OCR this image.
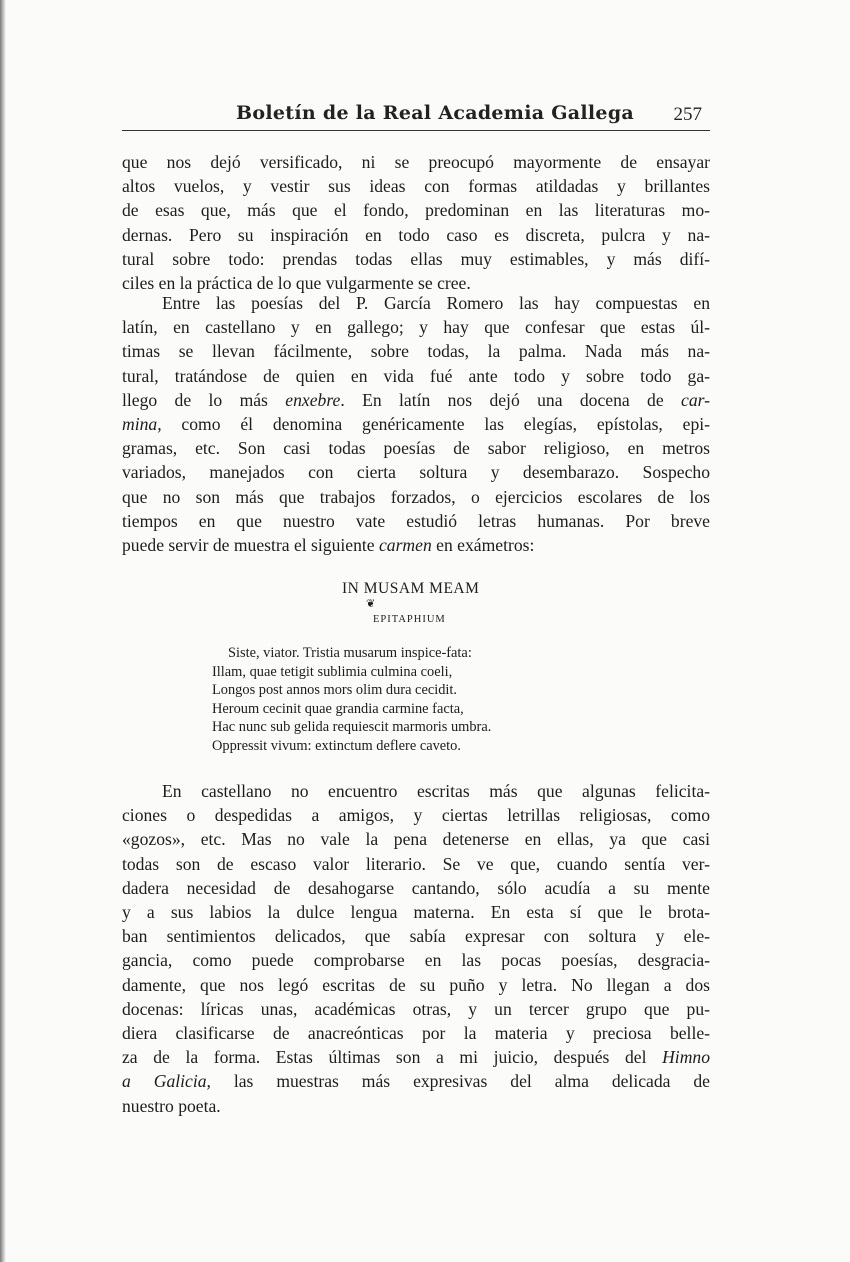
Boletín de la Real Academia Gallega 257
que nos dejó versificado, ni se preocupó mayormente de ensayar
altos vuelos, y vestir sus ideas con formas atildadas y brillantes
de esas que, más que el fondo, predominan en las literaturas mo-
dernas. Pero su inspiración en todo caso es discreta, pulcra y na-
tural sobre todo: prendas todas ellas muy estimables, y más difí-
ciles en la práctica de lo que vulgarmente se cree.
Entre las poesías del P. García Romero las hay compuestas en
latín, en castellano y en gallego; y hay que confesar que estas úl-
timas se llevan fácilmente, sobre todas, la palma. Nada más na-
tural, tratándose de quien en vida fué ante todo y sobre todo ga-
llego de lo más enxebre. En latín nos dejó una docena de car-
mina, como él denomina genéricamente las elegías, epístolas, epi-
gramas, etc. Son casi todas poesías de sabor religioso, en metros
variados, manejados con cierta soltura y desembarazo. Sospecho
que no son más que trabajos forzados, o ejercicios escolares de los
tiempos en que nuestro vate estudió letras humanas. Por breve
puede servir de muestra el siguiente carmen en exámetros:
IN MUSAM MEAM
❦
EPITAPHIUM
Siste, viator. Tristia musarum inspice-fata:
Illam, quae tetigit sublimia culmina coeli,
Longos post annos mors olim dura cecidit.
Heroum cecinit quae grandia carmine facta,
Hac nunc sub gelida requiescit marmoris umbra.
Oppressit vivum: extinctum deflere caveto.
En castellano no encuentro escritas más que algunas felicita-
ciones o despedidas a amigos, y ciertas letrillas religiosas, como
«gozos», etc. Mas no vale la pena detenerse en ellas, ya que casi
todas son de escaso valor literario. Se ve que, cuando sentía ver-
dadera necesidad de desahogarse cantando, sólo acudía a su mente
y a sus labios la dulce lengua materna. En esta sí que le brota-
ban sentimientos delicados, que sabía expresar con soltura y ele-
gancia, como puede comprobarse en las pocas poesías, desgracia-
damente, que nos legó escritas de su puño y letra. No llegan a dos
docenas: líricas unas, académicas otras, y un tercer grupo que pu-
diera clasificarse de anacreónticas por la materia y preciosa belle-
za de la forma. Estas últimas son a mi juicio, después del Himno
a Galicia, las muestras más expresivas del alma delicada de
nuestro poeta.
